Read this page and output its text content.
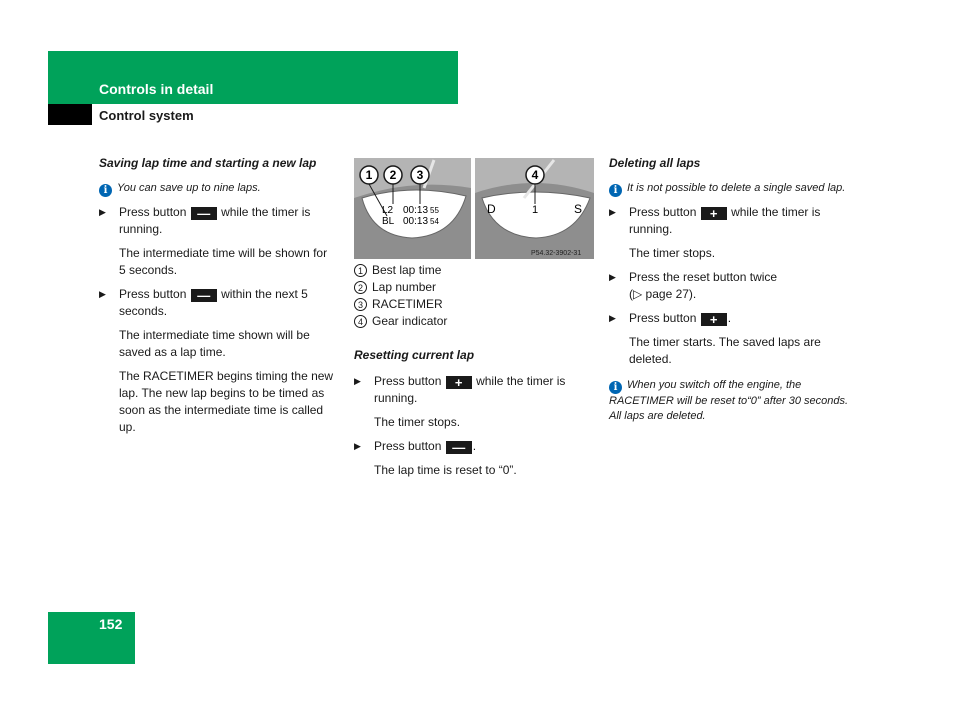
Controls in detail
Control system
Saving lap time and starting a new lap
i You can save up to nine laps.
▶ Press button — while the timer is running.
The intermediate time will be shown for 5 seconds.
▶ Press button — within the next 5 seconds.
The intermediate time shown will be saved as a lap time.
The RACETIMER begins timing the new lap. The new lap begins to be timed as soon as the intermediate time is called up.
1 2 3	4
L2 00:13 55
BL 00:13 54
D	1	S
P54.32-3902-31
1 Best lap time
2 Lap number
3 RACETIMER
4 Gear indicator
Resetting current lap
▶ Press button + while the timer is running.
The timer stops.
▶ Press button — .
The lap time is reset to “0”.
Deleting all laps
i It is not possible to delete a single saved lap.
▶ Press button + while the timer is running.
The timer stops.
▶ Press the reset button twice
(▷ page 27).
▶ Press button + .
The timer starts. The saved laps are deleted.
i When you switch off the engine, the RACETIMER will be reset to“0” after 30 seconds. All laps are deleted.
152
